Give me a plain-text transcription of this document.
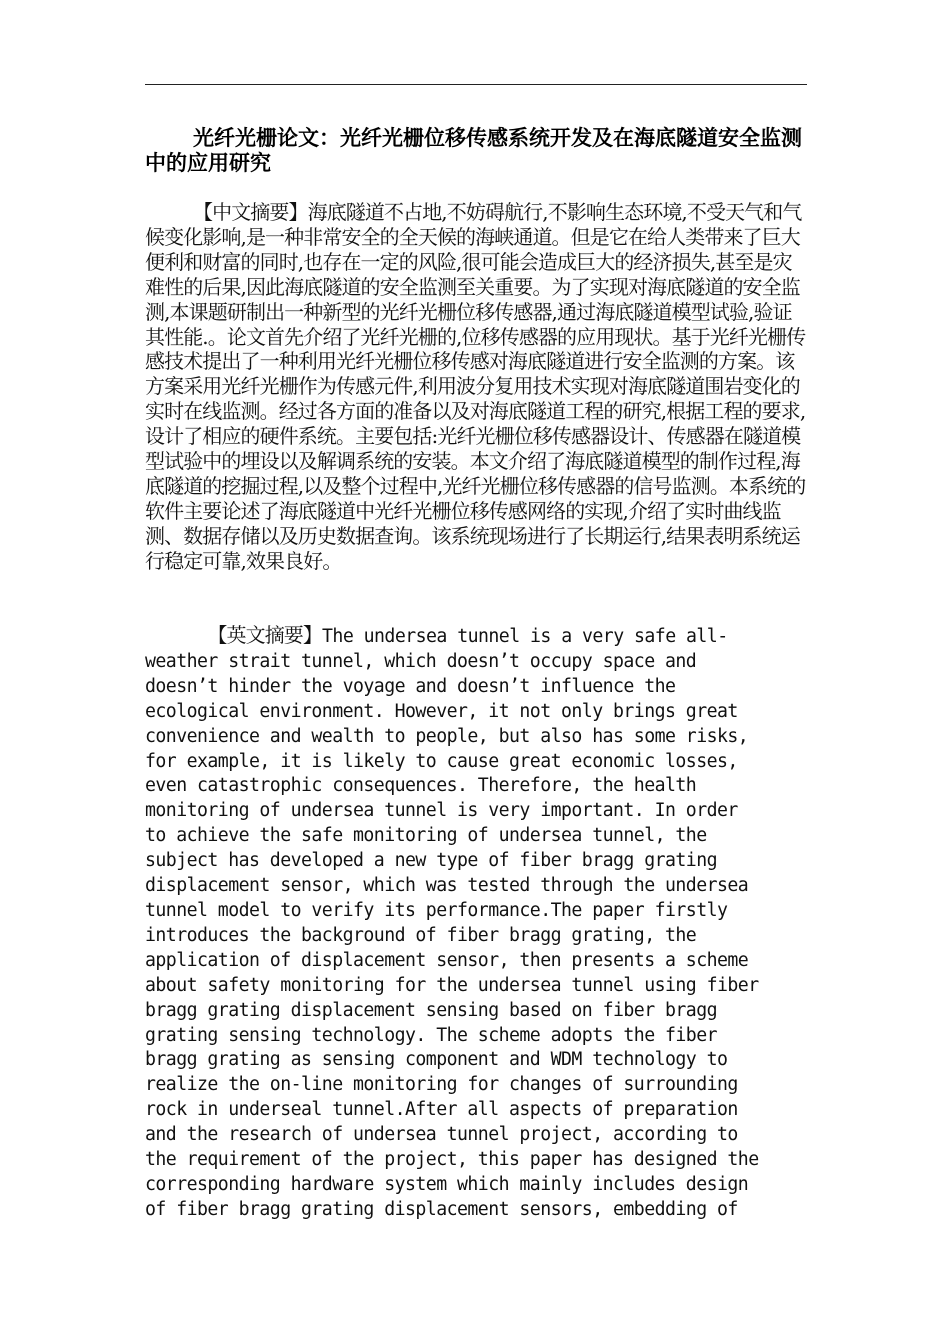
光纤光栅论文：光纤光栅位移传感系统开发及在海底隧道安全监测中的应用研究

【中文摘要】海底隧道不占地,不妨碍航行,不影响生态环境,不受天气和气候变化影响,是一种非常安全的全天候的海峡通道。但是它在给人类带来了巨大便利和财富的同时,也存在一定的风险,很可能会造成巨大的经济损失,甚至是灾难性的后果,因此海底隧道的安全监测至关重要。为了实现对海底隧道的安全监测,本课题研制出一种新型的光纤光栅位移传感器,通过海底隧道模型试验,验证其性能.。论文首先介绍了光纤光栅的,位移传感器的应用现状。基于光纤光栅传感技术提出了一种利用光纤光栅位移传感对海底隧道进行安全监测的方案。该方案采用光纤光栅作为传感元件,利用波分复用技术实现对海底隧道围岩变化的实时在线监测。经过各方面的准备以及对海底隧道工程的研究,根据工程的要求,设计了相应的硬件系统。主要包括:光纤光栅位移传感器设计、传感器在隧道模型试验中的埋设以及解调系统的安装。本文介绍了海底隧道模型的制作过程,海底隧道的挖掘过程,以及整个过程中,光纤光栅位移传感器的信号监测。本系统的软件主要论述了海底隧道中光纤光栅位移传感网络的实现,介绍了实时曲线监测、数据存储以及历史数据查询。该系统现场进行了长期运行,结果表明系统运行稳定可靠,效果良好。

【英文摘要】The undersea tunnel is a very safe all-
weather strait tunnel, which doesn’t occupy space and
doesn’t hinder the voyage and doesn’t influence the
ecological environment. However, it not only brings great
convenience and wealth to people, but also has some risks,
for example, it is likely to cause great economic losses,
even catastrophic consequences. Therefore, the health
monitoring of undersea tunnel is very important. In order
to achieve the safe monitoring of undersea tunnel, the
subject has developed a new type of fiber bragg grating
displacement sensor, which was tested through the undersea
tunnel model to verify its performance.The paper firstly
introduces the background of fiber bragg grating, the
application of displacement sensor, then presents a scheme
about safety monitoring for the undersea tunnel using fiber
bragg grating displacement sensing based on fiber bragg
grating sensing technology. The scheme adopts the fiber
bragg grating as sensing component and WDM technology to
realize the on-line monitoring for changes of surrounding
rock in underseal tunnel.After all aspects of preparation
and the research of undersea tunnel project, according to
the requirement of the project, this paper has designed the
corresponding hardware system which mainly includes design
of fiber bragg grating displacement sensors, embedding of
